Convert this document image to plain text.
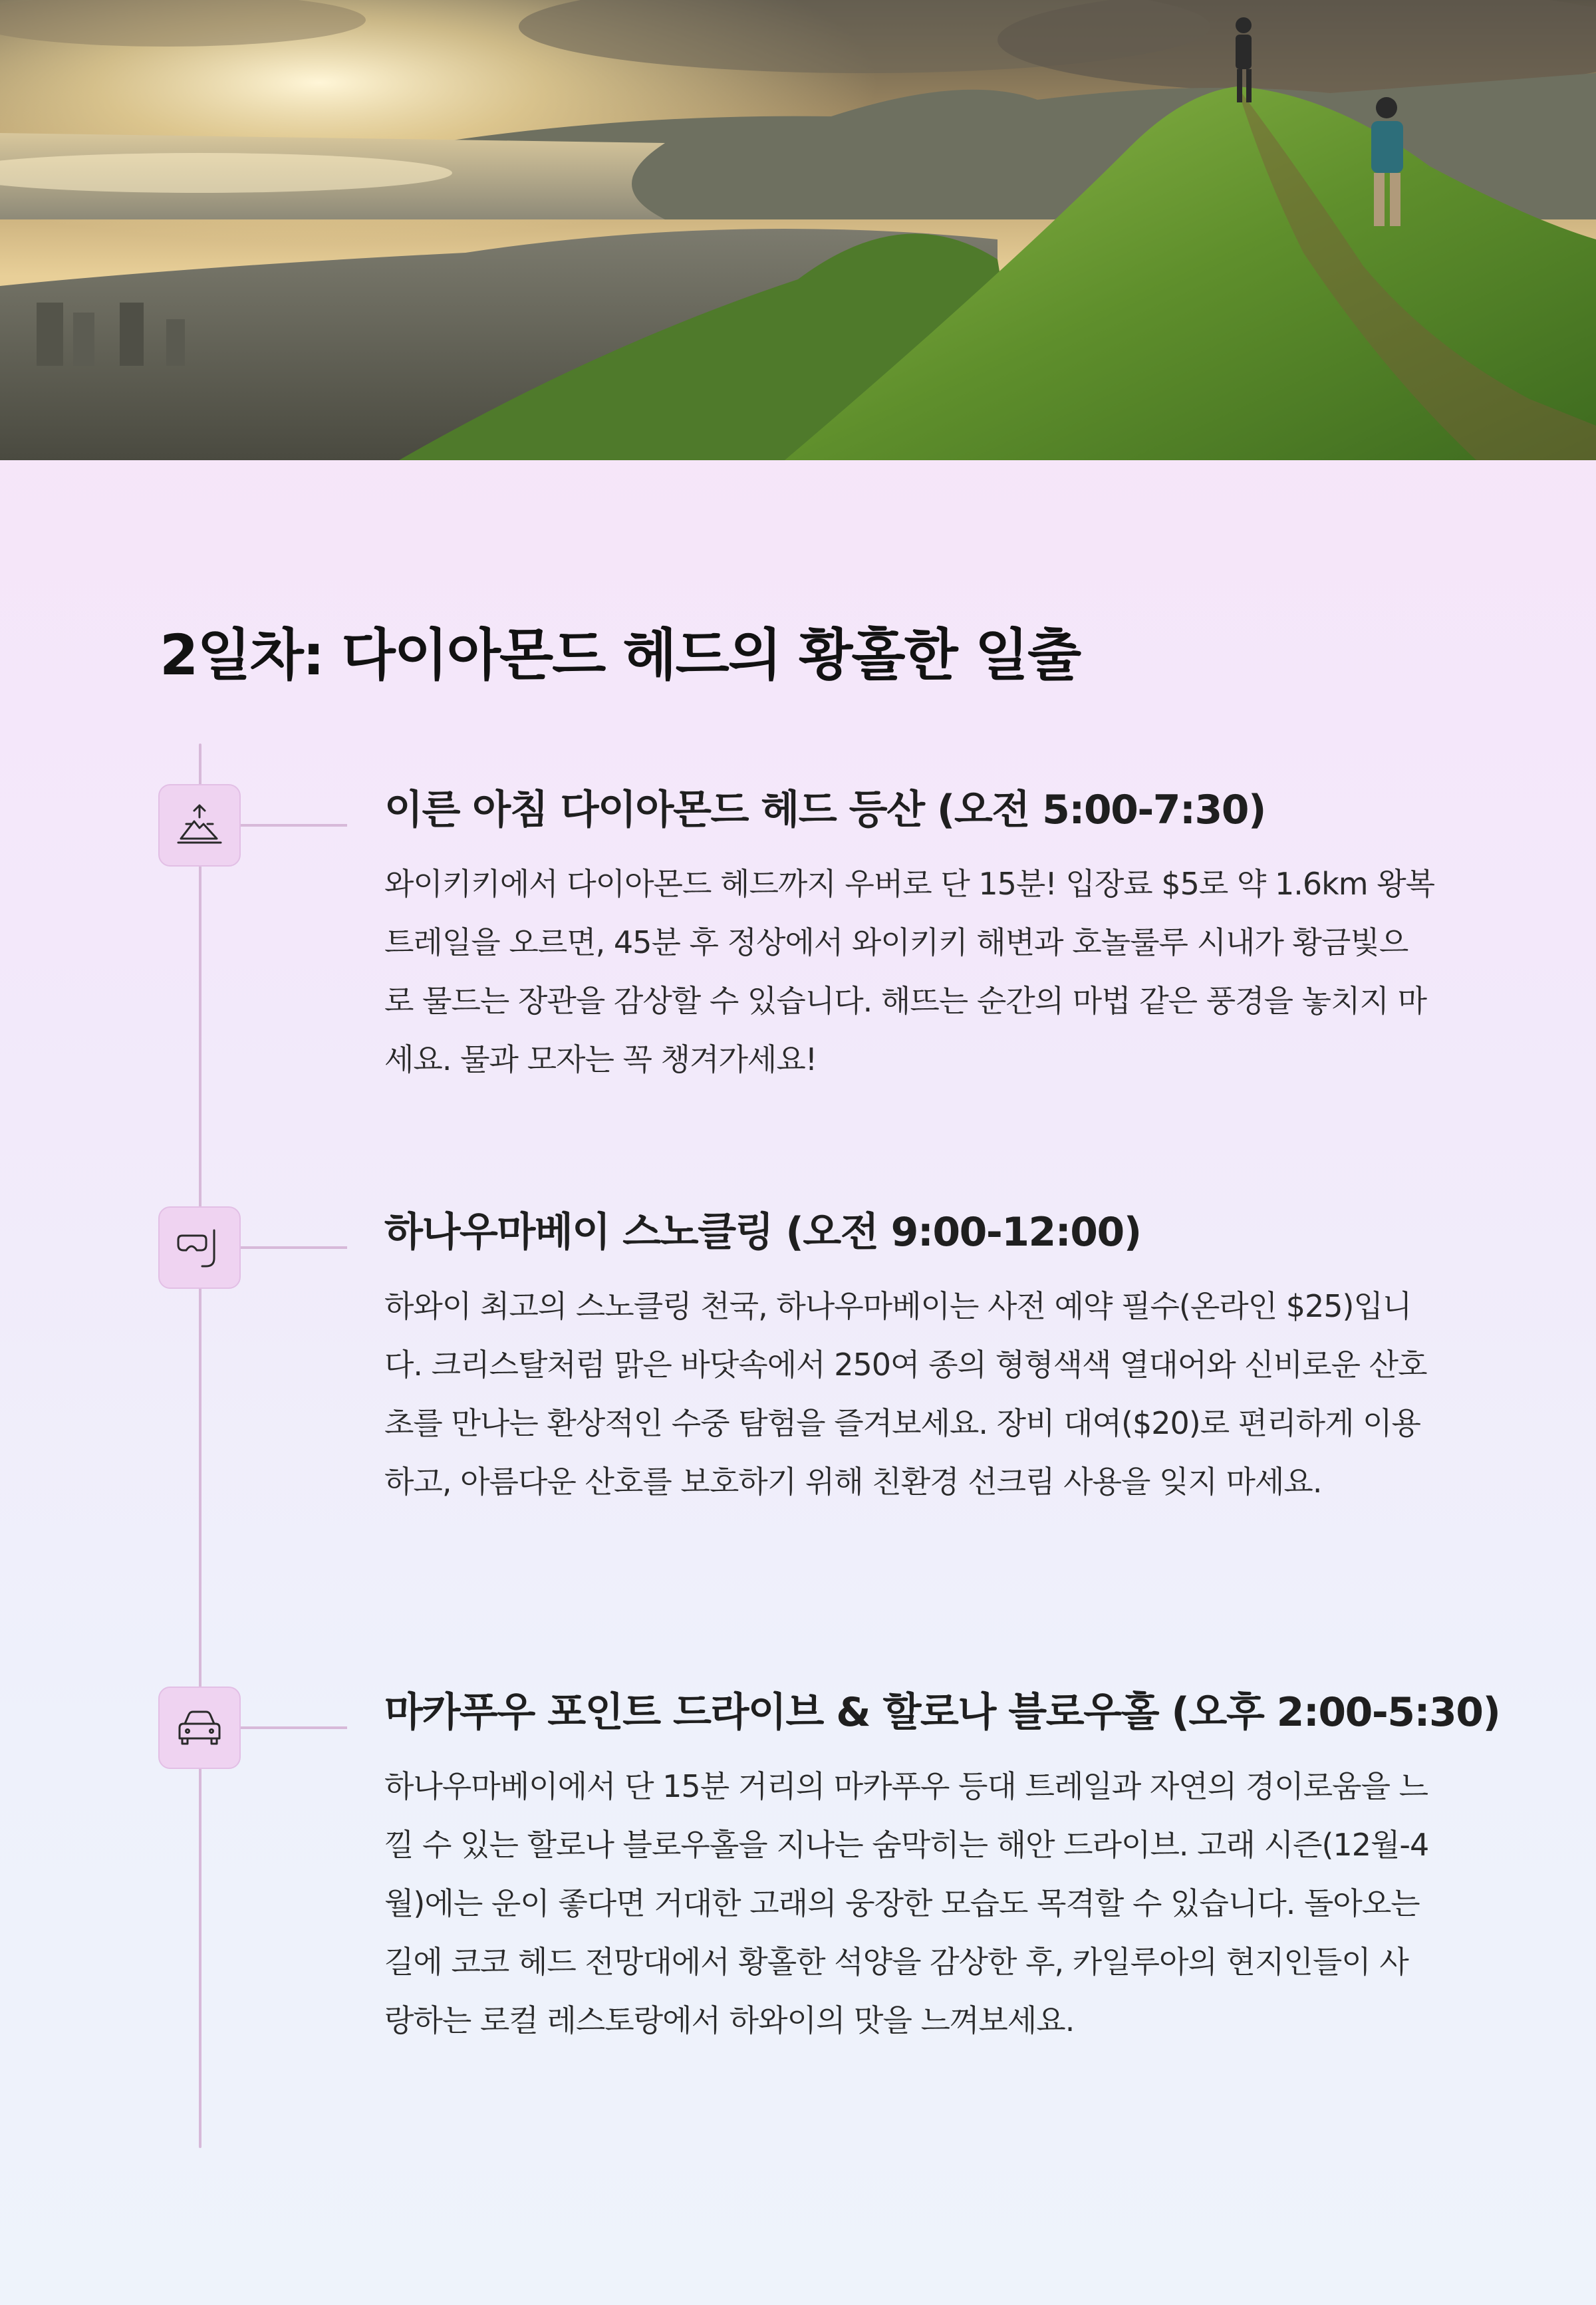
2일차: 다이아몬드 헤드의 황홀한 일출
이른 아침 다이아몬드 헤드 등산 (오전 5:00-7:30)

와이키키에서 다이아몬드 헤드까지 우버로 단 15분! 입장료 $5로 약 1.6km 왕복 트레일을 오르면, 45분 후 정상에서 와이키키 해변과 호놀룰루 시내가 황금빛으로 물드는 장관을 감상할 수 있습니다. 해뜨는 순간의 마법 같은 풍경을 놓치지 마세요. 물과 모자는 꼭 챙겨가세요!

하나우마베이 스노클링 (오전 9:00-12:00)

하와이 최고의 스노클링 천국, 하나우마베이는 사전 예약 필수(온라인 $25)입니다. 크리스탈처럼 맑은 바닷속에서 250여 종의 형형색색 열대어와 신비로운 산호초를 만나는 환상적인 수중 탐험을 즐겨보세요. 장비 대여($20)로 편리하게 이용하고, 아름다운 산호를 보호하기 위해 친환경 선크림 사용을 잊지 마세요.

마카푸우 포인트 드라이브 & 할로나 블로우홀 (오후 2:00-5:30)

하나우마베이에서 단 15분 거리의 마카푸우 등대 트레일과 자연의 경이로움을 느낄 수 있는 할로나 블로우홀을 지나는 숨막히는 해안 드라이브. 고래 시즌(12월-4월)에는 운이 좋다면 거대한 고래의 웅장한 모습도 목격할 수 있습니다. 돌아오는 길에 코코 헤드 전망대에서 황홀한 석양을 감상한 후, 카일루아의 현지인들이 사랑하는 로컬 레스토랑에서 하와이의 맛을 느껴보세요.
